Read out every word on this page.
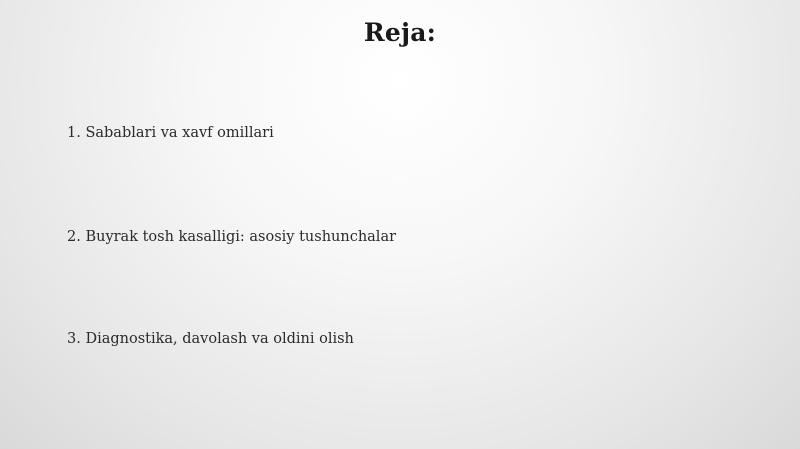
Reja:
1. Sabablari va xavf omillari
2. Buyrak tosh kasalligi: asosiy tushunchalar
3. Diagnostika, davolash va oldini olish
